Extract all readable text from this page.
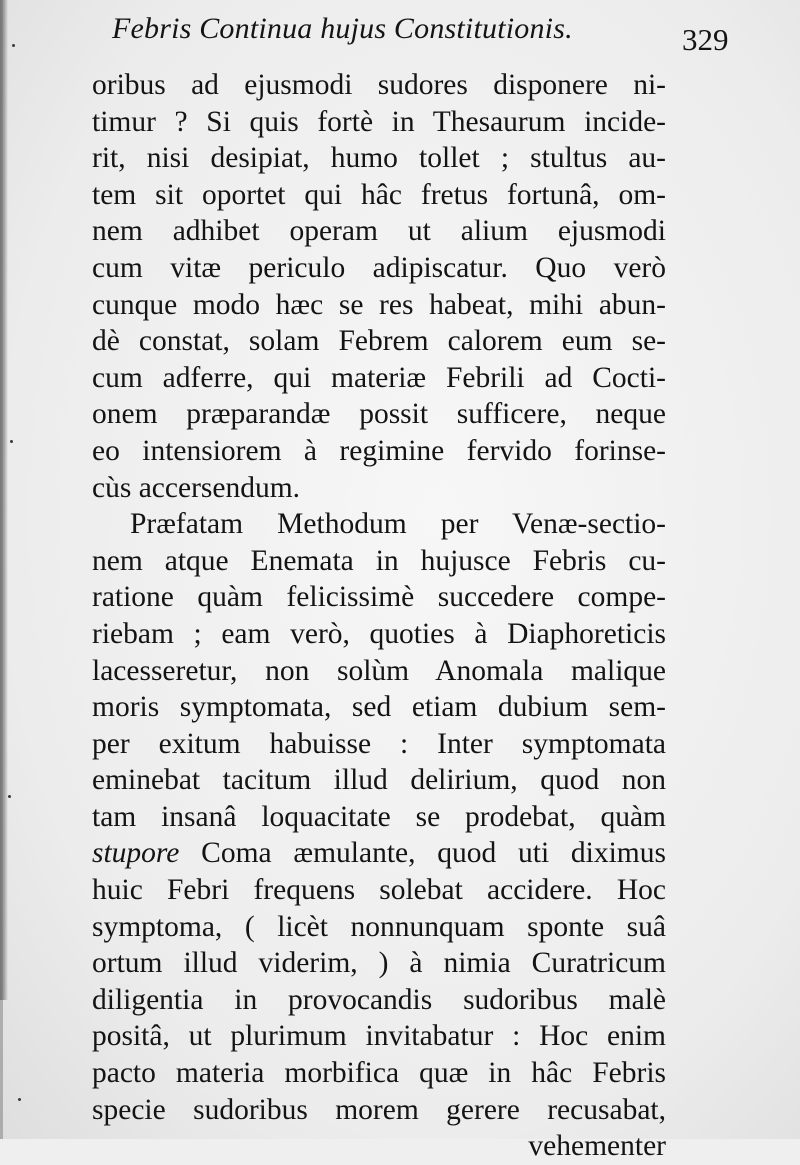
Febris Continua hujus Constitutionis.	329
oribus ad ejusmodi sudores disponere ni-
timur ? Si quis fortè in Thesaurum incide-
rit, nisi desipiat, humo tollet ; stultus au-
tem sit oportet qui hâc fretus fortunâ, om-
nem adhibet operam ut alium ejusmodi
cum vitæ periculo adipiscatur. Quo verò
cunque modo hæc se res habeat, mihi abun-
dè constat, solam Febrem calorem eum se-
cum adferre, qui materiæ Febrili ad Cocti-
onem præparandæ possit sufficere, neque
eo intensiorem à regimine fervido forinse-
cùs accersendum.
Præfatam Methodum per Venæ-sectio-
nem atque Enemata in hujusce Febris cu-
ratione quàm felicissimè succedere compe-
riebam ; eam verò, quoties à Diaphoreticis
lacesseretur, non solùm Anomala malique
moris symptomata, sed etiam dubium sem-
per exitum habuisse : Inter symptomata
eminebat tacitum illud delirium, quod non
tam insanâ loquacitate se prodebat, quàm
stupore Coma æmulante, quod uti diximus
huic Febri frequens solebat accidere. Hoc
symptoma, ( licèt nonnunquam sponte suâ
ortum illud viderim, ) à nimia Curatricum
diligentia in provocandis sudoribus malè
positâ, ut plurimum invitabatur : Hoc enim
pacto materia morbifica quæ in hâc Febris
specie sudoribus morem gerere recusabat,
vehementer
